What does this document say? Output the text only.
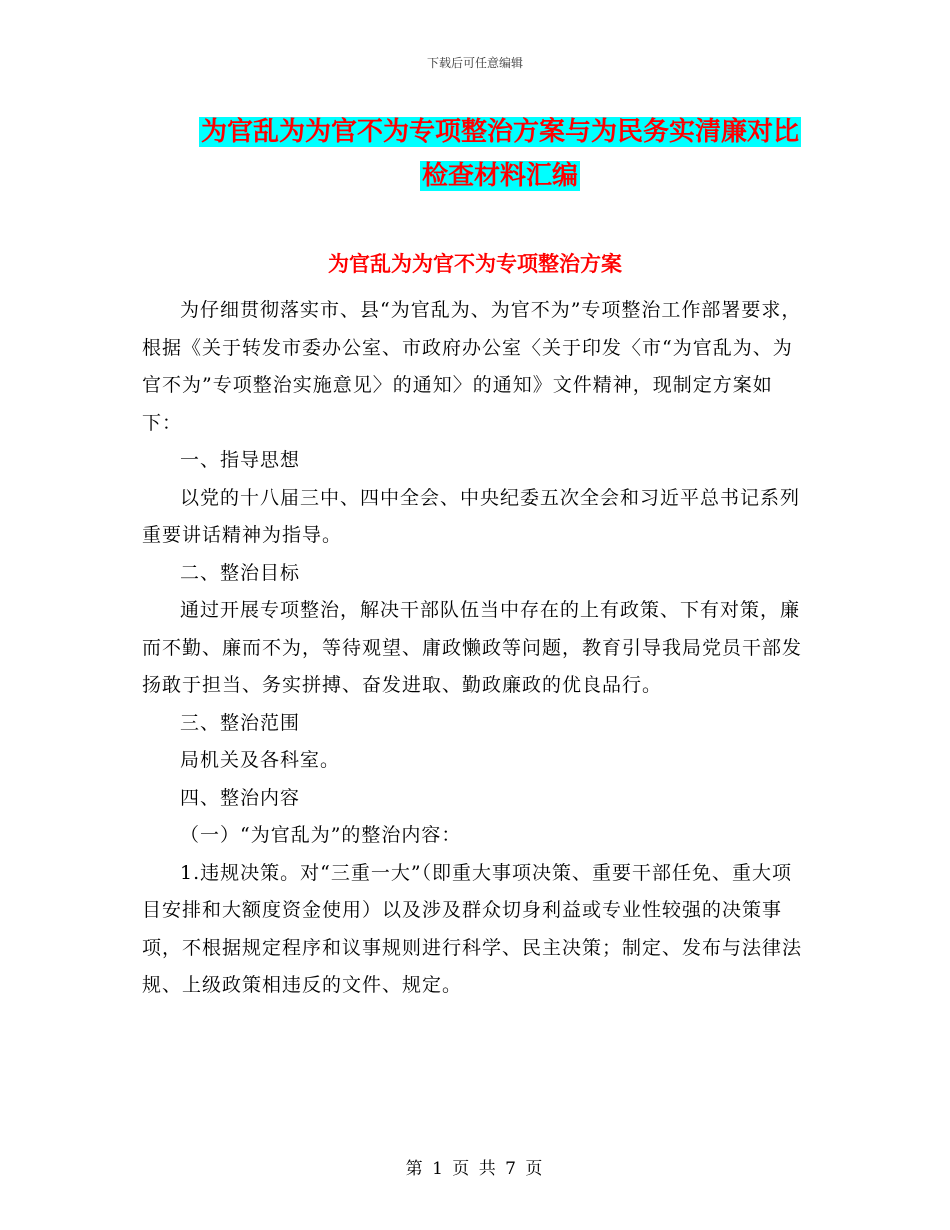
下载后可任意编辑
为官乱为为官不为专项整治方案与为民务实清廉对比
检查材料汇编
为官乱为为官不为专项整治方案

为仔细贯彻落实市、县“为官乱为、为官不为”专项整治工作部署要求，根据《关于转发市委办公室、市政府办公室〈关于印发〈市“为官乱为、为官不为”专项整治实施意见〉的通知〉的通知》文件精神，现制定方案如下：

一、指导思想

以党的十八届三中、四中全会、中央纪委五次全会和习近平总书记系列重要讲话精神为指导。

二、整治目标

通过开展专项整治，解决干部队伍当中存在的上有政策、下有对策，廉而不勤、廉而不为，等待观望、庸政懒政等问题，教育引导我局党员干部发扬敢于担当、务实拼搏、奋发进取、勤政廉政的优良品行。

三、整治范围

局机关及各科室。

四、整治内容

（一）“为官乱为”的整治内容：

1.违规决策。对“三重一大”（即重大事项决策、重要干部任免、重大项目安排和大额度资金使用）以及涉及群众切身利益或专业性较强的决策事项，不根据规定程序和议事规则进行科学、民主决策；制定、发布与法律法规、上级政策相违反的文件、规定。

第 1 页 共 7 页
